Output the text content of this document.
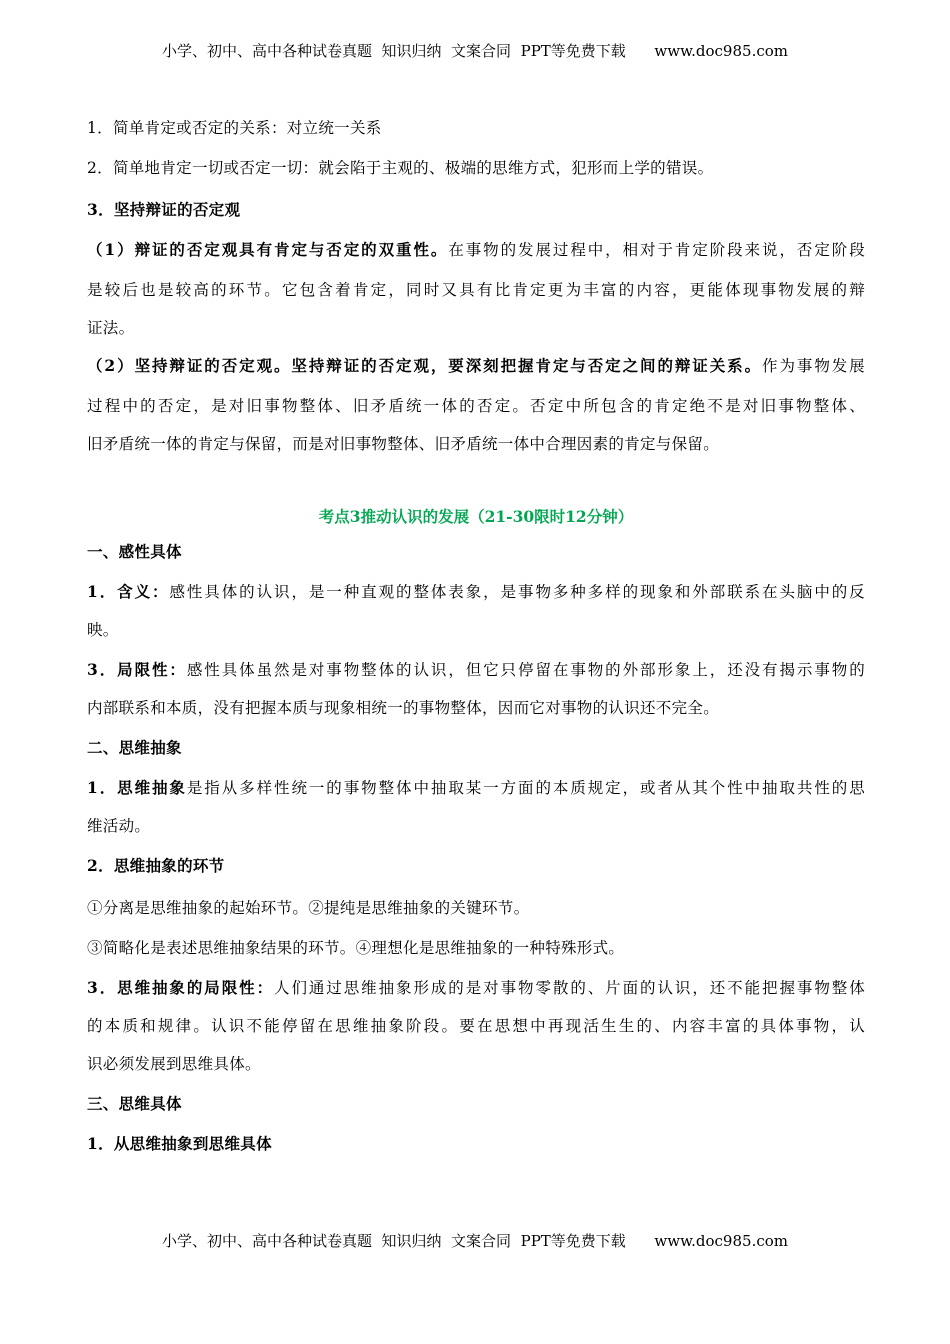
小学、初中、高中各种试卷真题  知识归纳  文案合同  PPT等免费下载      www.doc985.com
1．简单肯定或否定的关系：对立统一关系
2．简单地肯定一切或否定一切：就会陷于主观的、极端的思维方式，犯形而上学的错误。
3．坚持辩证的否定观
（1）辩证的否定观具有肯定与否定的双重性。在事物的发展过程中，相对于肯定阶段来说，否定阶段
是较后也是较高的环节。它包含着肯定，同时又具有比肯定更为丰富的内容，更能体现事物发展的辩
证法。
（2）坚持辩证的否定观。坚持辩证的否定观，要深刻把握肯定与否定之间的辩证关系。作为事物发展
过程中的否定，是对旧事物整体、旧矛盾统一体的否定。否定中所包含的肯定绝不是对旧事物整体、
旧矛盾统一体的肯定与保留，而是对旧事物整体、旧矛盾统一体中合理因素的肯定与保留。
考点3推动认识的发展（21-30限时12分钟）
一、感性具体
1．含义：感性具体的认识，是一种直观的整体表象，是事物多种多样的现象和外部联系在头脑中的反
映。
3．局限性：感性具体虽然是对事物整体的认识，但它只停留在事物的外部形象上，还没有揭示事物的
内部联系和本质，没有把握本质与现象相统一的事物整体，因而它对事物的认识还不完全。
二、思维抽象
1．思维抽象是指从多样性统一的事物整体中抽取某一方面的本质规定，或者从其个性中抽取共性的思
维活动。
2．思维抽象的环节
①分离是思维抽象的起始环节。②提纯是思维抽象的关键环节。
③简略化是表述思维抽象结果的环节。④理想化是思维抽象的一种特殊形式。
3．思维抽象的局限性：人们通过思维抽象形成的是对事物零散的、片面的认识，还不能把握事物整体
的本质和规律。认识不能停留在思维抽象阶段。要在思想中再现活生生的、内容丰富的具体事物，认
识必须发展到思维具体。
三、思维具体
1．从思维抽象到思维具体
小学、初中、高中各种试卷真题  知识归纳  文案合同  PPT等免费下载      www.doc985.com
